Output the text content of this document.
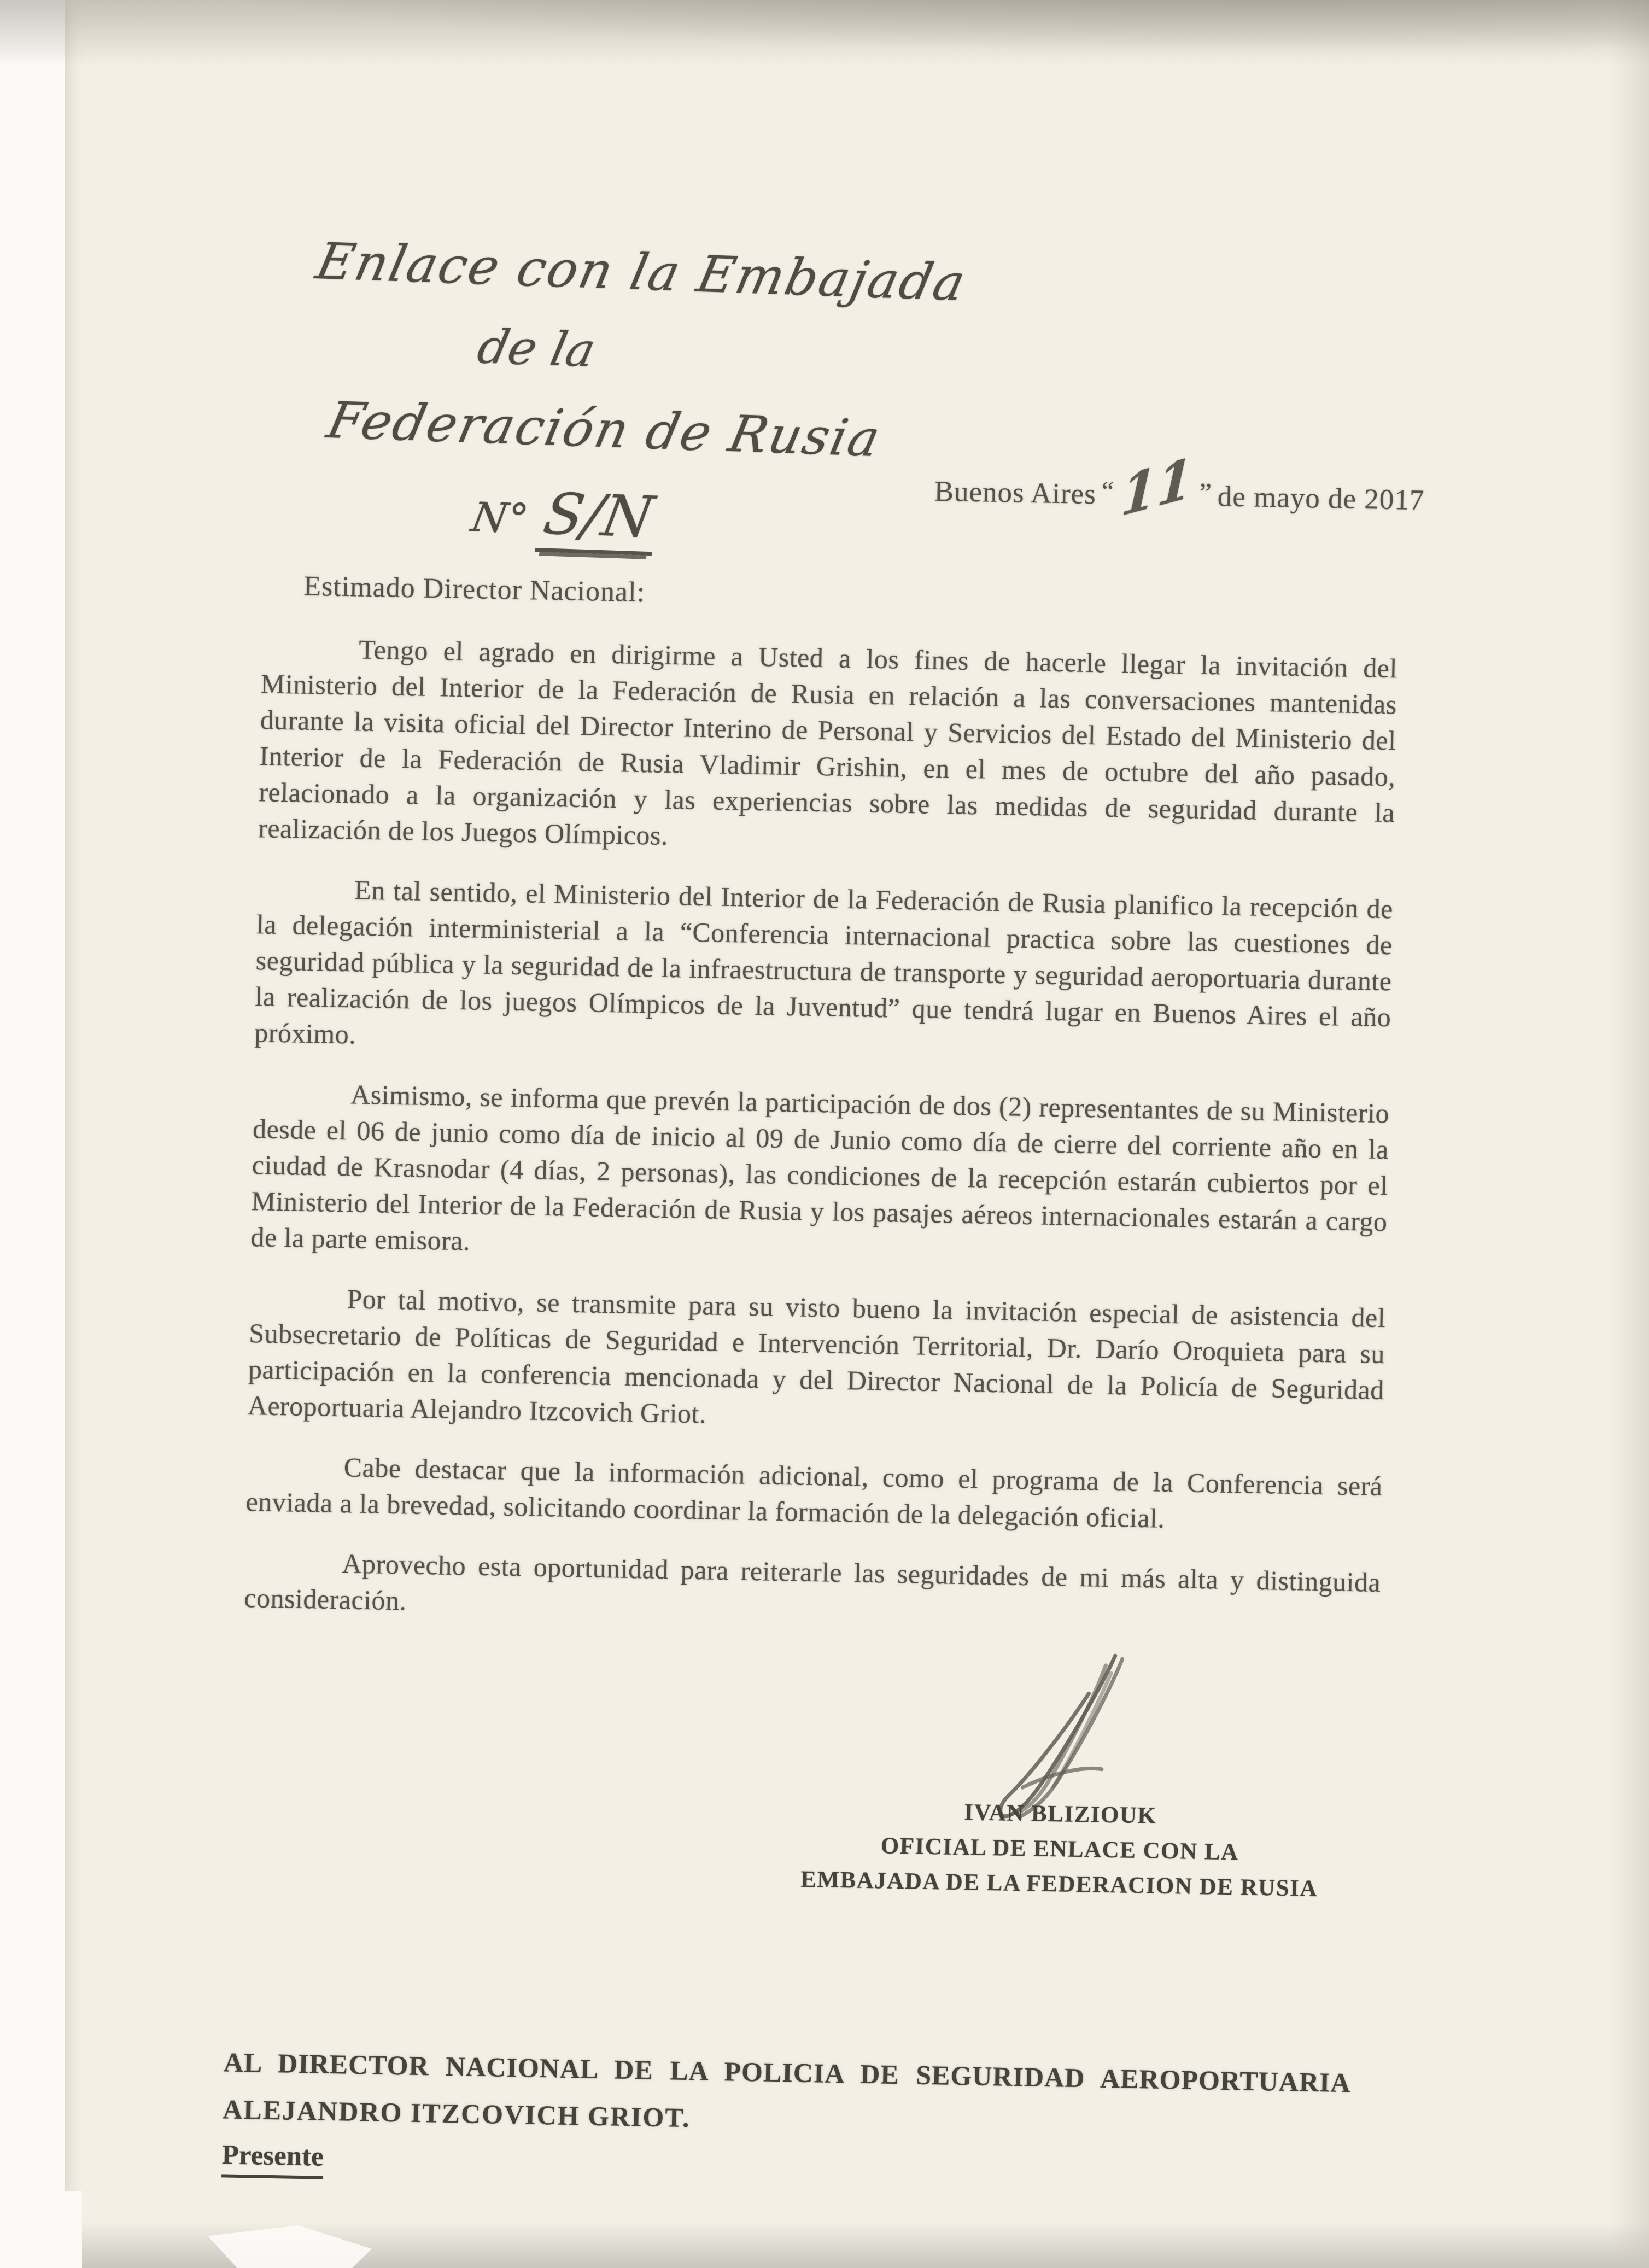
Enlace con la Embajada
de la
Federación de Rusia
N° S/N	Buenos Aires “ 11 ” de mayo de 2017
Estimado Director Nacional:

Tengo el agrado en dirigirme a Usted a los fines de hacerle llegar la invitación del Ministerio del Interior de la Federación de Rusia en relación a las conversaciones mantenidas durante la visita oficial del Director Interino de Personal y Servicios del Estado del Ministerio del Interior de la Federación de Rusia Vladimir Grishin, en el mes de octubre del año pasado, relacionado a la organización y las experiencias sobre las medidas de seguridad durante la realización de los Juegos Olímpicos.

En tal sentido, el Ministerio del Interior de la Federación de Rusia planifico la recepción de la delegación interministerial a la “Conferencia internacional practica sobre las cuestiones de seguridad pública y la seguridad de la infraestructura de transporte y seguridad aeroportuaria durante la realización de los juegos Olímpicos de la Juventud” que tendrá lugar en Buenos Aires el año próximo.

Asimismo, se informa que prevén la participación de dos (2) representantes de su Ministerio desde el 06 de junio como día de inicio al 09 de Junio como día de cierre del corriente año en la ciudad de Krasnodar (4 días, 2 personas), las condiciones de la recepción estarán cubiertos por el Ministerio del Interior de la Federación de Rusia y los pasajes aéreos internacionales estarán a cargo de la parte emisora.

Por tal motivo, se transmite para su visto bueno la invitación especial de asistencia del Subsecretario de Políticas de Seguridad e Intervención Territorial, Dr. Darío Oroquieta para su participación en la conferencia mencionada y del Director Nacional de la Policía de Seguridad Aeroportuaria Alejandro Itzcovich Griot.

Cabe destacar que la información adicional, como el programa de la Conferencia será enviada a la brevedad, solicitando coordinar la formación de la delegación oficial.

Aprovecho esta oportunidad para reiterarle las seguridades de mi más alta y distinguida consideración.

IVAN BLIZIOUK
OFICIAL DE ENLACE CON LA
EMBAJADA DE LA FEDERACION DE RUSIA
AL DIRECTOR NACIONAL DE LA POLICIA DE SEGURIDAD AEROPORTUARIA
ALEJANDRO ITZCOVICH GRIOT.
Presente
